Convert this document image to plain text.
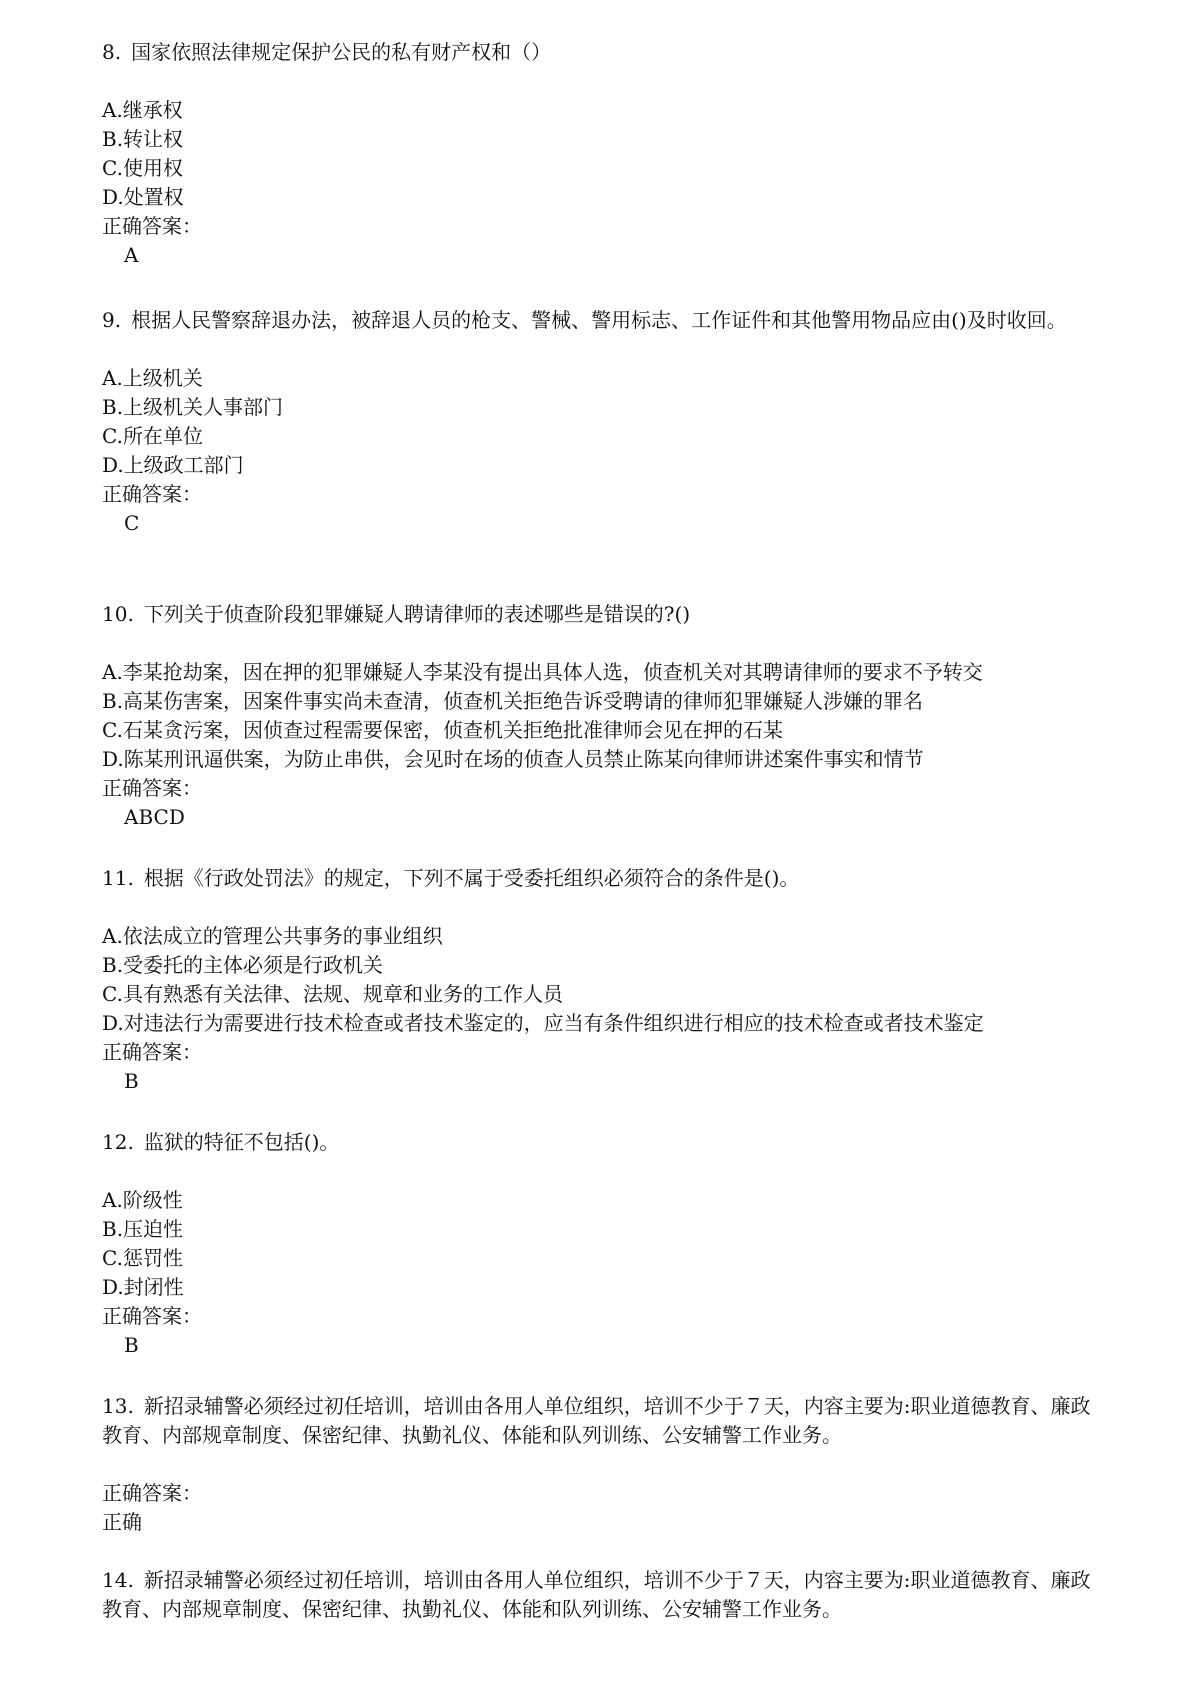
8. 国家依照法律规定保护公民的私有财产权和（）

A.继承权
B.转让权
C.使用权
D.处置权
正确答案：
A

9. 根据人民警察辞退办法，被辞退人员的枪支、警械、警用标志、工作证件和其他警用物品应由()及时收回。

A.上级机关
B.上级机关人事部门
C.所在单位
D.上级政工部门
正确答案：
C

10. 下列关于侦查阶段犯罪嫌疑人聘请律师的表述哪些是错误的?()

A.李某抢劫案，因在押的犯罪嫌疑人李某没有提出具体人选，侦查机关对其聘请律师的要求不予转交
B.高某伤害案，因案件事实尚未查清，侦查机关拒绝告诉受聘请的律师犯罪嫌疑人涉嫌的罪名
C.石某贪污案，因侦查过程需要保密，侦查机关拒绝批准律师会见在押的石某
D.陈某刑讯逼供案，为防止串供，会见时在场的侦查人员禁止陈某向律师讲述案件事实和情节
正确答案：
ABCD

11. 根据《行政处罚法》的规定，下列不属于受委托组织必须符合的条件是()。

A.依法成立的管理公共事务的事业组织
B.受委托的主体必须是行政机关
C.具有熟悉有关法律、法规、规章和业务的工作人员
D.对违法行为需要进行技术检查或者技术鉴定的，应当有条件组织进行相应的技术检查或者技术鉴定
正确答案：
B

12. 监狱的特征不包括()。

A.阶级性
B.压迫性
C.惩罚性
D.封闭性
正确答案：
B

13. 新招录辅警必须经过初任培训，培训由各用人单位组织，培训不少于７天，内容主要为:职业道德教育、廉政教育、内部规章制度、保密纪律、执勤礼仪、体能和队列训练、公安辅警工作业务。

正确答案：
正确

14. 新招录辅警必须经过初任培训，培训由各用人单位组织，培训不少于７天，内容主要为:职业道德教育、廉政教育、内部规章制度、保密纪律、执勤礼仪、体能和队列训练、公安辅警工作业务。
